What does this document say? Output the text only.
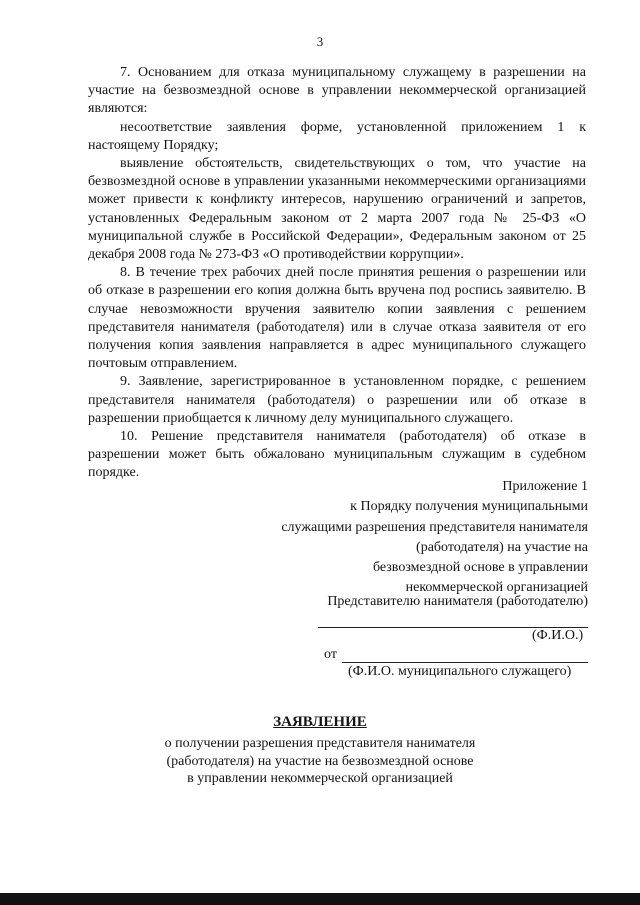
3

7. Основанием для отказа муниципальному служащему в разрешении на участие на безвозмездной основе в управлении некоммерческой организацией являются:

несоответствие заявления форме, установленной приложением 1 к настоящему Порядку;

выявление обстоятельств, свидетельствующих о том, что участие на безвозмездной основе в управлении указанными некоммерческими организациями может привести к конфликту интересов, нарушению ограничений и запретов, установленных Федеральным законом от 2 марта 2007 года № 25-ФЗ «О муниципальной службе в Российской Федерации», Федеральным законом от 25 декабря 2008 года № 273-ФЗ «О противодействии коррупции».

8. В течение трех рабочих дней после принятия решения о разрешении или об отказе в разрешении его копия должна быть вручена под роспись заявителю. В случае невозможности вручения заявителю копии заявления с решением представителя нанимателя (работодателя) или в случае отказа заявителя от его получения копия заявления направляется в адрес муниципального служащего почтовым отправлением.

9. Заявление, зарегистрированное в установленном порядке, с решением представителя нанимателя (работодателя) о разрешении или об отказе в разрешении приобщается к личному делу муниципального служащего.

10. Решение представителя нанимателя (работодателя) об отказе в разрешении может быть обжаловано муниципальным служащим в судебном порядке.

Приложение 1
к Порядку получения муниципальными
служащими разрешения представителя нанимателя
(работодателя) на участие на
безвозмездной основе в управлении
некоммерческой организацией
Представителю нанимателя (работодателю)
(Ф.И.О.)
от
(Ф.И.О. муниципального служащего)
ЗАЯВЛЕНИЕ
о получении разрешения представителя нанимателя
(работодателя) на участие на безвозмездной основе
в управлении некоммерческой организацией
